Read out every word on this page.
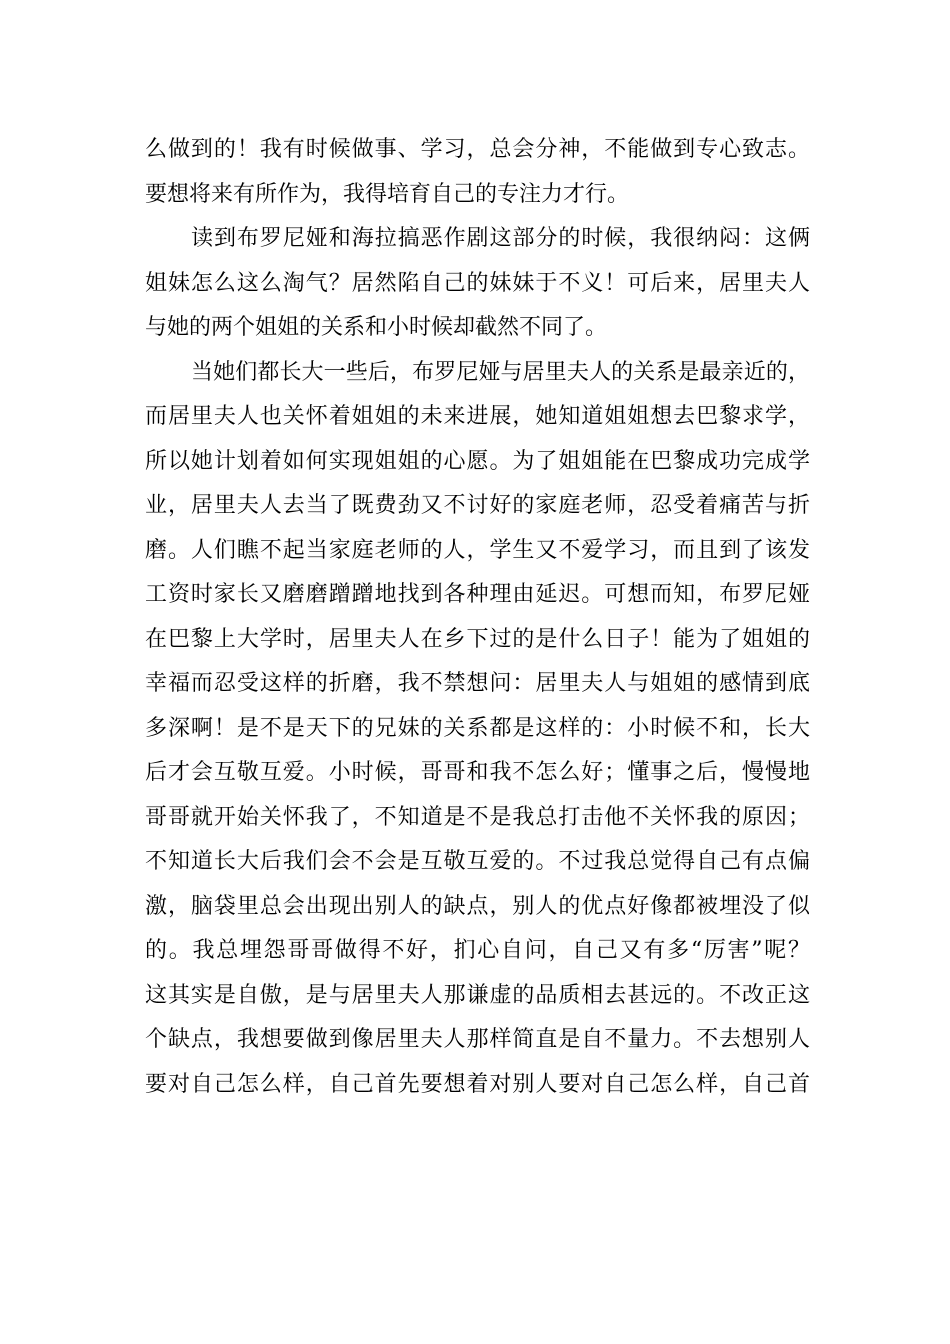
么做到的！我有时候做事、学习，总会分神，不能做到专心致志。
要想将来有所作为，我得培育自己的专注力才行。
读到布罗尼娅和海拉搞恶作剧这部分的时候，我很纳闷：这俩
姐妹怎么这么淘气？居然陷自己的妹妹于不义！可后来，居里夫人
与她的两个姐姐的关系和小时候却截然不同了。
当她们都长大一些后，布罗尼娅与居里夫人的关系是最亲近的，
而居里夫人也关怀着姐姐的未来进展，她知道姐姐想去巴黎求学，
所以她计划着如何实现姐姐的心愿。为了姐姐能在巴黎成功完成学
业，居里夫人去当了既费劲又不讨好的家庭老师，忍受着痛苦与折
磨。人们瞧不起当家庭老师的人，学生又不爱学习，而且到了该发
工资时家长又磨磨蹭蹭地找到各种理由延迟。可想而知，布罗尼娅
在巴黎上大学时，居里夫人在乡下过的是什么日子！能为了姐姐的
幸福而忍受这样的折磨，我不禁想问：居里夫人与姐姐的感情到底
多深啊！是不是天下的兄妹的关系都是这样的：小时候不和，长大
后才会互敬互爱。小时候，哥哥和我不怎么好；懂事之后，慢慢地
哥哥就开始关怀我了，不知道是不是我总打击他不关怀我的原因；
不知道长大后我们会不会是互敬互爱的。不过我总觉得自己有点偏
激，脑袋里总会出现出别人的缺点，别人的优点好像都被埋没了似
的。我总埋怨哥哥做得不好，扪心自问，自己又有多“厉害”呢？
这其实是自傲，是与居里夫人那谦虚的品质相去甚远的。不改正这
个缺点，我想要做到像居里夫人那样简直是自不量力。不去想别人
要对自己怎么样，自己首先要想着对别人要对自己怎么样，自己首
